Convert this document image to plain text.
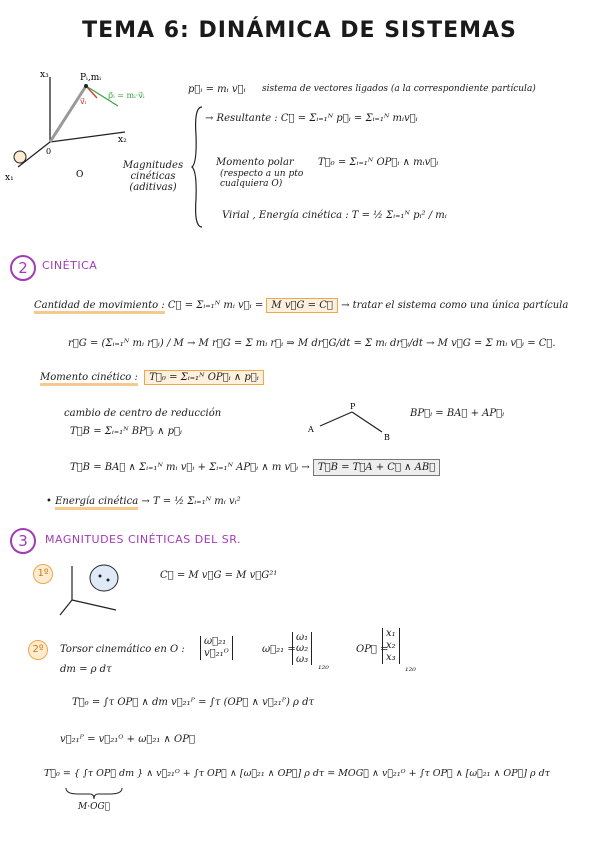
TEMA 6: DINÁMICA DE SISTEMAS
x₃
x₂
x₁
0
Pᵢ,mᵢ
v⃗ᵢ
p⃗ᵢ = mᵢ·v⃗ᵢ
O
p⃗ᵢ = mᵢ v⃗ᵢ sistema de vectores ligados (a la correspondiente partícula)
Magnitudes cinéticas (aditivas)
→ Resultante : C⃗ = Σᵢ₌₁ᴺ p⃗ᵢ = Σᵢ₌₁ᴺ mᵢv⃗ᵢ
Momento polar
(respecto a un pto cualquiera O)
T⃗₀ = Σᵢ₌₁ᴺ OP⃗ᵢ ∧ mᵢv⃗ᵢ
Virial , Energía cinética : T = ½ Σᵢ₌₁ᴺ pᵢ² / mᵢ
2	CINÉTICA
Cantidad de movimiento : C⃗ = Σᵢ₌₁ᴺ mᵢ v⃗ᵢ = M v⃗G = C⃗ → tratar el sistema como una única partícula
r⃗G = (Σᵢ₌₁ᴺ mᵢ r⃗ᵢ) / M → M r⃗G = Σ mᵢ r⃗ᵢ ⇒ M dr⃗G/dt = Σ mᵢ dr⃗ᵢ/dt → M v⃗G = Σ mᵢ v⃗ᵢ = C⃗.
Momento cinético : T⃗₀ = Σᵢ₌₁ᴺ OP⃗ᵢ ∧ p⃗ᵢ
cambio de centro de reducción
T⃗B = Σᵢ₌₁ᴺ BP⃗ᵢ ∧ p⃗ᵢ	A
P
B
BP⃗ᵢ = BA⃗ + AP⃗ᵢ
T⃗B = BA⃗ ∧ Σᵢ₌₁ᴺ mᵢ v⃗ᵢ + Σᵢ₌₁ᴺ AP⃗ᵢ ∧ m v⃗ᵢ → T⃗B = T⃗A + C⃗ ∧ AB⃗
• Energía cinética → T = ½ Σᵢ₌₁ᴺ mᵢ vᵢ²
3	MAGNITUDES CINÉTICAS DEL SR.
1º	C⃗ = M v⃗G = M v⃗G²¹
2º	Torsor cinemático en O :
ω⃗₂₁
v⃗₂₁ᴼ	ω⃗₂₁ =
ω₁
ω₂
ω₃
₁₂₀
OP⃗ =
x₁
x₂
x₃
₁₂₀
dm = ρ dτ
T⃗₀ = ∫τ OP⃗ ∧ dm v⃗₂₁ᴾ = ∫τ (OP⃗ ∧ v⃗₂₁ᴾ) ρ dτ
v⃗₂₁ᴾ = v⃗₂₁ᴼ + ω⃗₂₁ ∧ OP⃗
T⃗₀ = { ∫τ OP⃗ dm } ∧ v⃗₂₁ᴼ + ∫τ OP⃗ ∧ [ω⃗₂₁ ∧ OP⃗] ρ dτ = MOG⃗ ∧ v⃗₂₁ᴼ + ∫τ OP⃗ ∧ [ω⃗₂₁ ∧ OP⃗] ρ dτ
M·OG⃗
